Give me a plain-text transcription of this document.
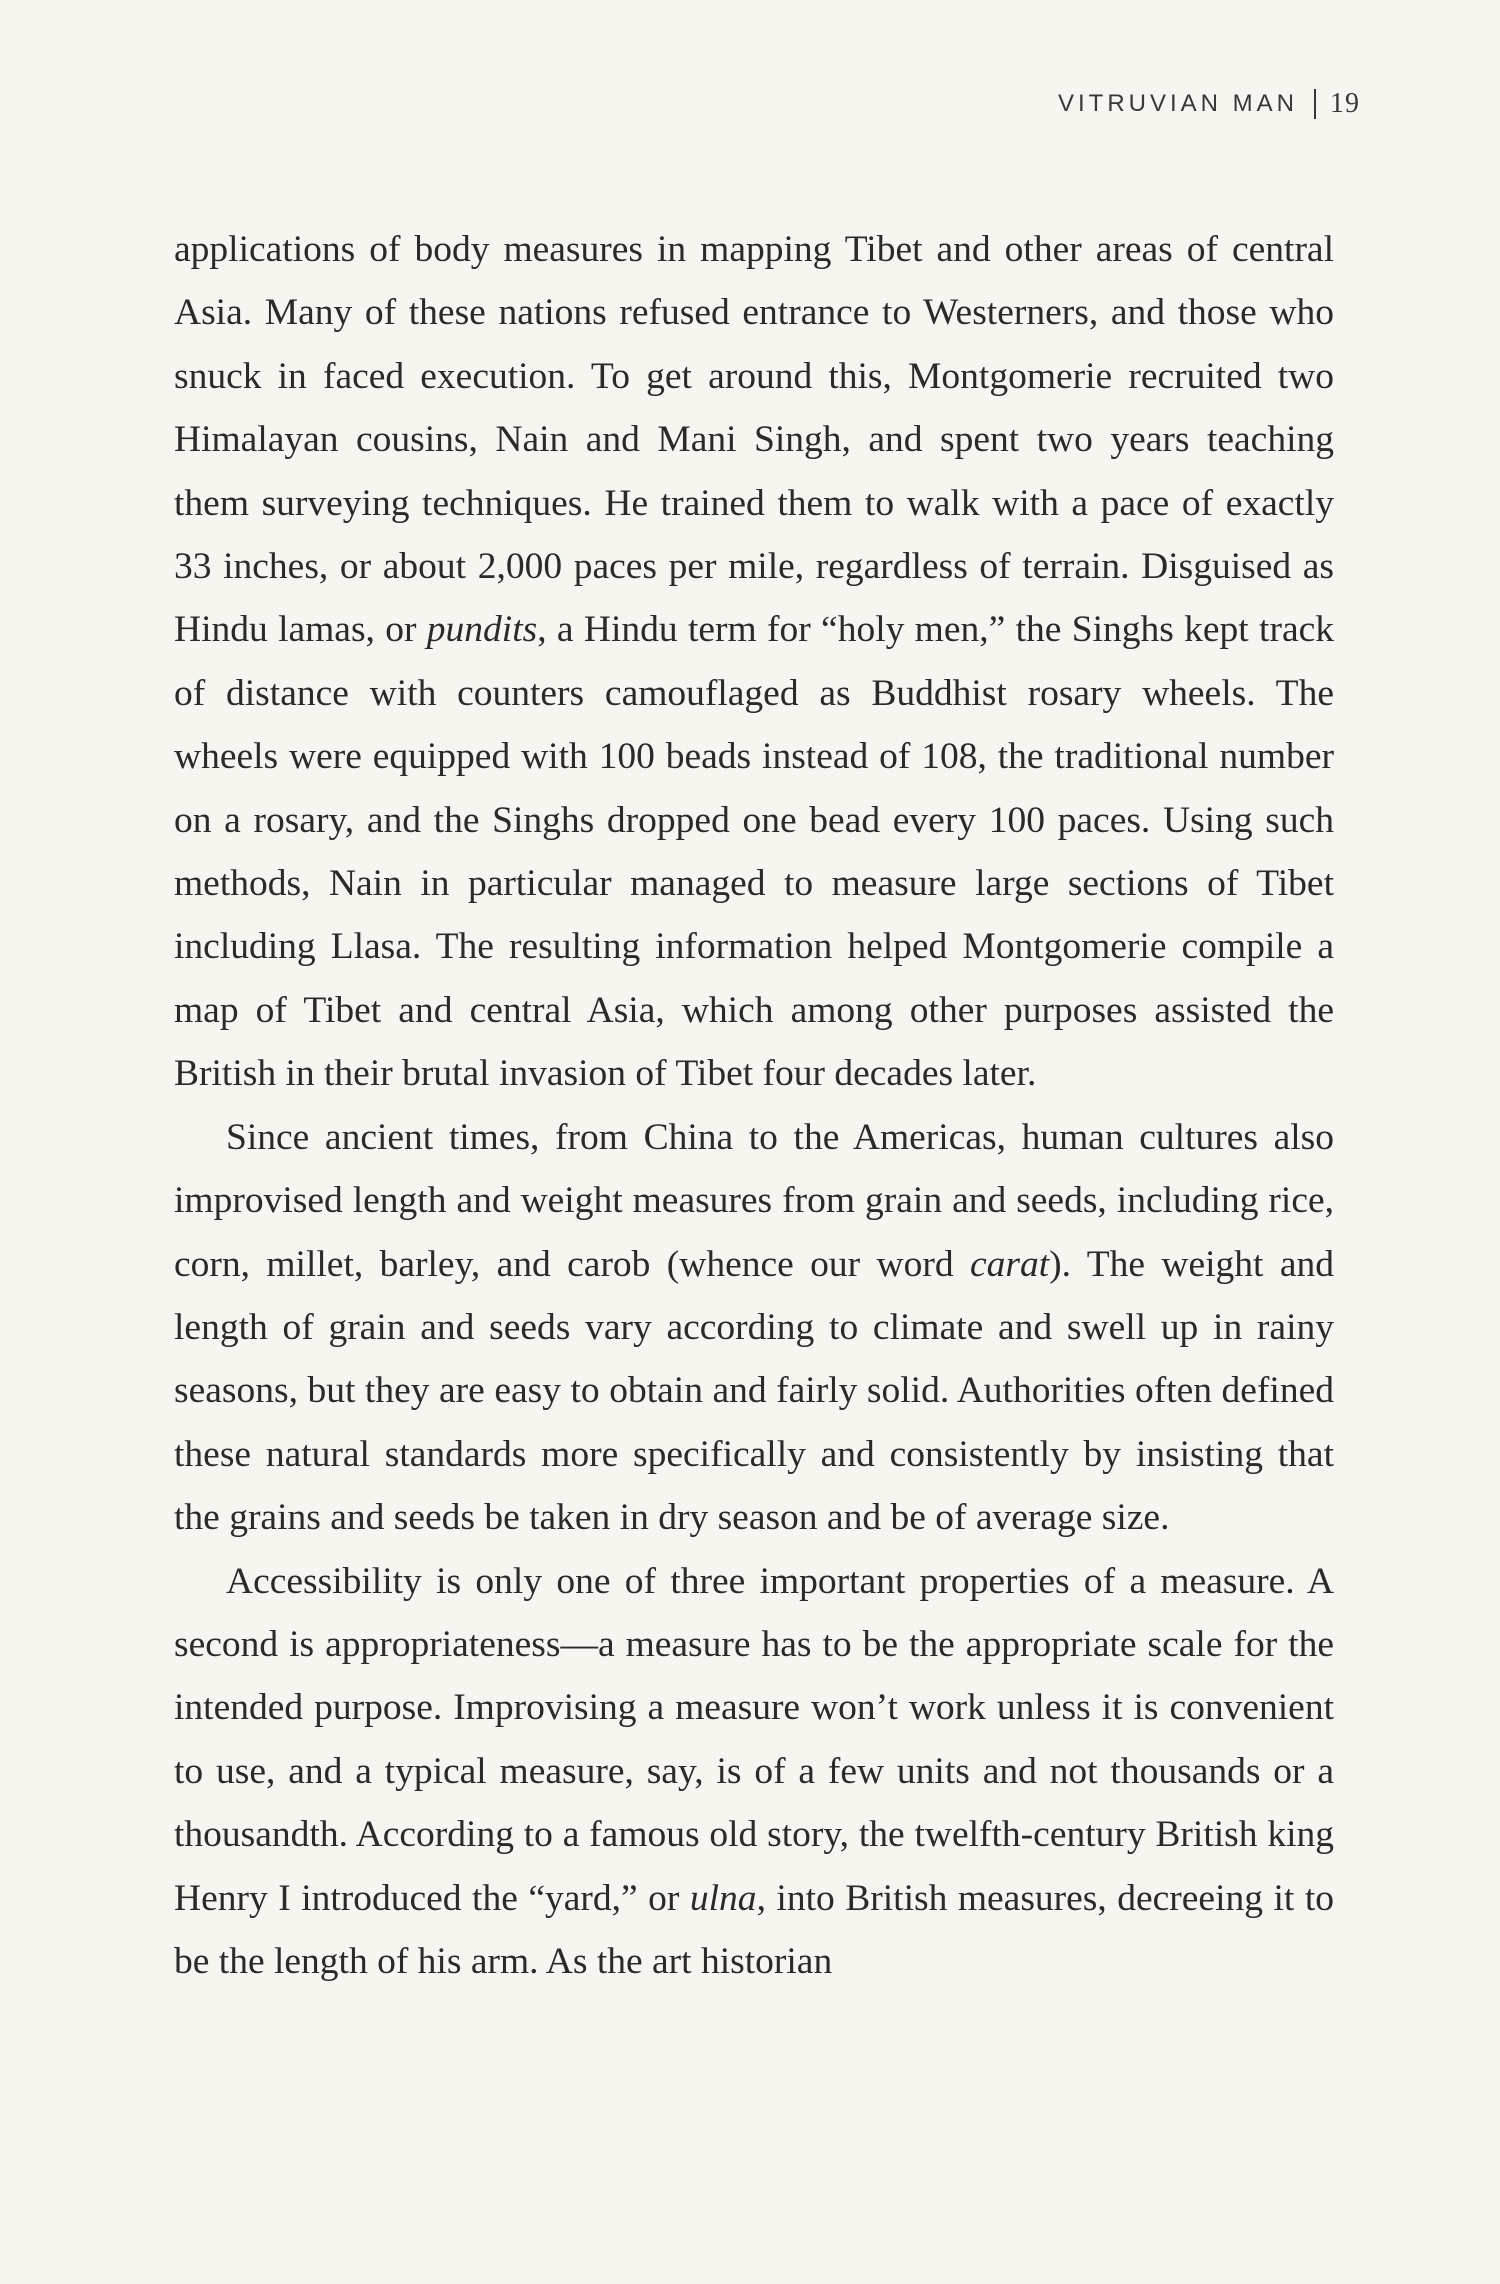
VITRUVIAN MAN 19

applications of body measures in mapping Tibet and other areas of central Asia. Many of these nations refused entrance to Westerners, and those who snuck in faced execution. To get around this, Montgomerie recruited two Himalayan cousins, Nain and Mani Singh, and spent two years teaching them surveying techniques. He trained them to walk with a pace of exactly 33 inches, or about 2,000 paces per mile, regardless of terrain. Disguised as Hindu lamas, or pundits, a Hindu term for “holy men,” the Singhs kept track of distance with counters camouflaged as Buddhist rosary wheels. The wheels were equipped with 100 beads instead of 108, the traditional number on a rosary, and the Singhs dropped one bead every 100 paces. Using such methods, Nain in particular managed to measure large sections of Tibet including Llasa. The resulting information helped Montgomerie compile a map of Tibet and central Asia, which among other purposes assisted the British in their brutal invasion of Tibet four decades later.

Since ancient times, from China to the Americas, human cultures also improvised length and weight measures from grain and seeds, including rice, corn, millet, barley, and carob (whence our word carat). The weight and length of grain and seeds vary according to climate and swell up in rainy seasons, but they are easy to obtain and fairly solid. Authorities often defined these natural standards more specifically and consistently by insisting that the grains and seeds be taken in dry season and be of average size.

Accessibility is only one of three important properties of a measure. A second is appropriateness—a measure has to be the appropriate scale for the intended purpose. Improvising a measure won’t work unless it is convenient to use, and a typical measure, say, is of a few units and not thousands or a thousandth. According to a famous old story, the twelfth-century British king Henry I introduced the “yard,” or ulna, into British measures, decreeing it to be the length of his arm. As the art historian
